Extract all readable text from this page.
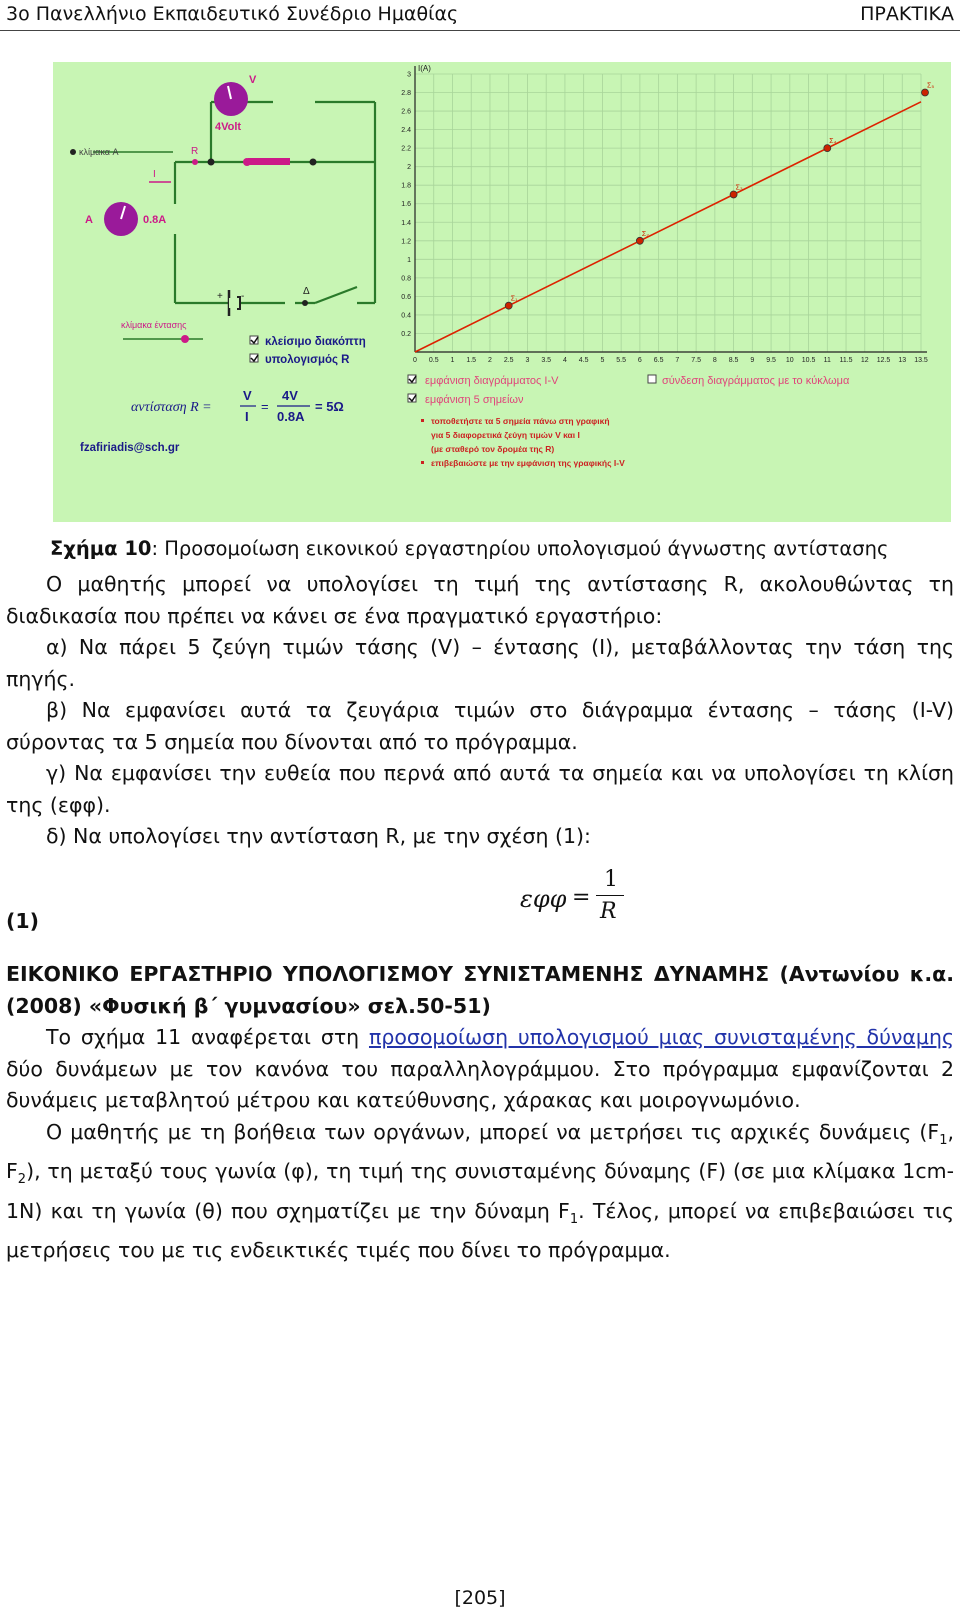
3ο Πανελλήνιο Εκπαιδευτικό Συνέδριο Ημαθίας	ΠΡΑΚΤΙΚΑ
κλίμακα A	R
I
V
4Volt
A	0.8A
+ -	Δ
κλίμακα έντασης
κλείσιμο διακόπτη
υπολογισμός R
αντίσταση R =
V
I
=
4V
0.8A
= 5Ω
fzafiriadis@sch.gr
0 0.5 1 1.5 2 2.5 3 3.5 4 4.5 5 5.5 6 6.5 7 7.5 8 8.5 9 9.5 10 10.5 11 11.5 12 12.5 13 13.5
0.2
0.4
0.6
0.8
1
1.2
1.4
1.6
1.8
2
2.2
2.4
2.6
2.8
3
I(A)
Σ₁
Σ₂
Σ₃
Σ₄
Σ₅
εμφάνιση διαγράμματος I-V	σύνδεση διαγράμματος με το κύκλωμα
εμφάνιση 5 σημείων
τοποθετήστε τα 5 σημεία πάνω στη γραφική
για 5 διαφορετικά ζεύγη τιμών V και I
(με σταθερό τον δρομέα της R)
επιβεβαιώστε με την εμφάνιση της γραφικής I-V
Σχήμα 10: Προσομοίωση εικονικού εργαστηρίου υπολογισμού άγνωστης αντίστασης

Ο μαθητής μπορεί να υπολογίσει τη τιμή της αντίστασης R, ακολουθώντας τη διαδικασία που πρέπει να κάνει σε ένα πραγματικό εργαστήριο:

α) Να πάρει 5 ζεύγη τιμών τάσης (V) – έντασης (I), μεταβάλλοντας την τάση της πηγής.

β) Να εμφανίσει αυτά τα ζευγάρια τιμών στο διάγραμμα έντασης – τάσης (I-V) σύροντας τα 5 σημεία που δίνονται από το πρόγραμμα.

γ) Να εμφανίσει την ευθεία που περνά από αυτά τα σημεία και να υπολογίσει τη κλίση της (εφφ).

δ) Να υπολογίσει την αντίσταση R, με την σχέση (1):

εφφ =
1
R
(1)

ΕΙΚΟΝΙΚΟ ΕΡΓΑΣΤΗΡΙΟ ΥΠΟΛΟΓΙΣΜΟΥ ΣΥΝΙΣΤΑΜΕΝΗΣ ΔΥΝΑΜΗΣ (Αντωνίου κ.α. (2008) «Φυσική β΄ γυμνασίου» σελ.50-51)

Το σχήμα 11 αναφέρεται στη προσομοίωση υπολογισμού μιας συνισταμένης δύναμης δύο δυνάμεων με τον κανόνα του παραλληλογράμμου. Στο πρόγραμμα εμφανίζονται 2 δυνάμεις μεταβλητού μέτρου και κατεύθυνσης, χάρακας και μοιρογνωμόνιο.

Ο μαθητής με τη βοήθεια των οργάνων, μπορεί να μετρήσει τις αρχικές δυνάμεις ($F_1$, $F_2$), τη μεταξύ τους γωνία (φ), τη τιμή της συνισταμένης δύναμης (F) (σε μια κλίμακα 1cm-1N) και τη γωνία (θ) που σχηματίζει με την δύναμη $F_1$. Τέλος, μπορεί να επιβεβαιώσει τις μετρήσεις του με τις ενδεικτικές τιμές που δίνει το πρόγραμμα.

[205]
